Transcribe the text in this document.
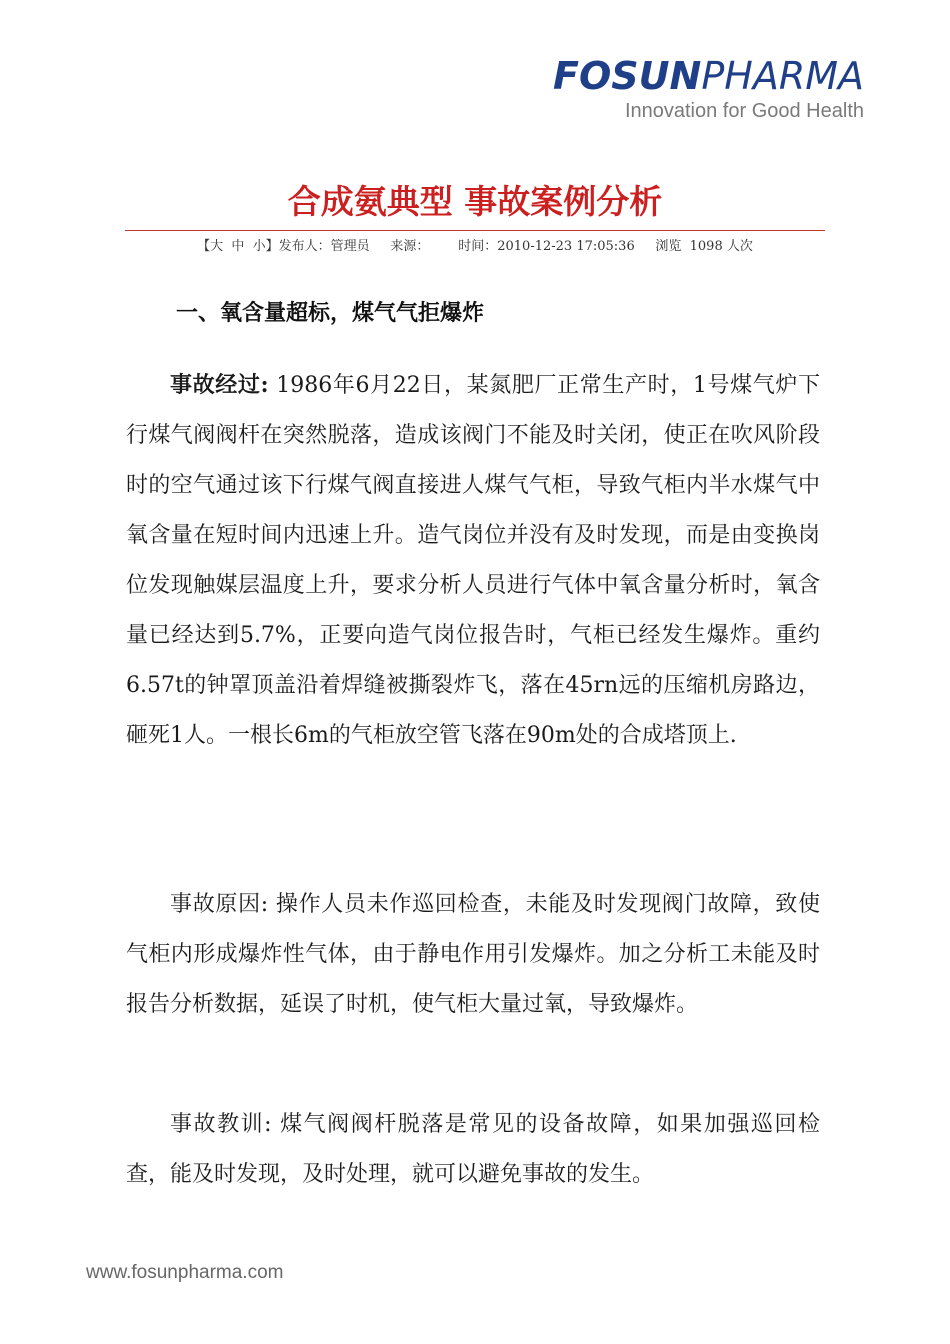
FOSUNPHARMA
Innovation for Good Health
合成氨典型 事故案例分析
【大  中  小】发布人：管理员     来源：       时间：2010-12-23 17:05:36     浏览  1098 人次
一、氧含量超标，煤气气拒爆炸

事故经过: 1986年6月22日，某氮肥厂正常生产时，1号煤气炉下行煤气阀阀杆在突然脱落，造成该阀门不能及时关闭，使正在吹风阶段时的空气通过该下行煤气阀直接进人煤气气柜，导致气柜内半水煤气中氧含量在短时间内迅速上升。造气岗位并没有及时发现，而是由变换岗位发现触媒层温度上升，要求分析人员进行气体中氧含量分析时，氧含量已经达到5.7%，正要向造气岗位报告时，气柜已经发生爆炸。重约6.57t的钟罩顶盖沿着焊缝被撕裂炸飞，落在45rn远的压缩机房路边，砸死1人。一根长6m的气柜放空管飞落在90m处的合成塔顶上.

事故原因: 操作人员未作巡回检查，未能及时发现阀门故障，致使气柜内形成爆炸性气体，由于静电作用引发爆炸。加之分析工未能及时报告分析数据，延误了时机，使气柜大量过氧，导致爆炸。

事故教训: 煤气阀阀杆脱落是常见的设备故障，如果加强巡回检查，能及时发现，及时处理，就可以避免事故的发生。

www.fosunpharma.com
